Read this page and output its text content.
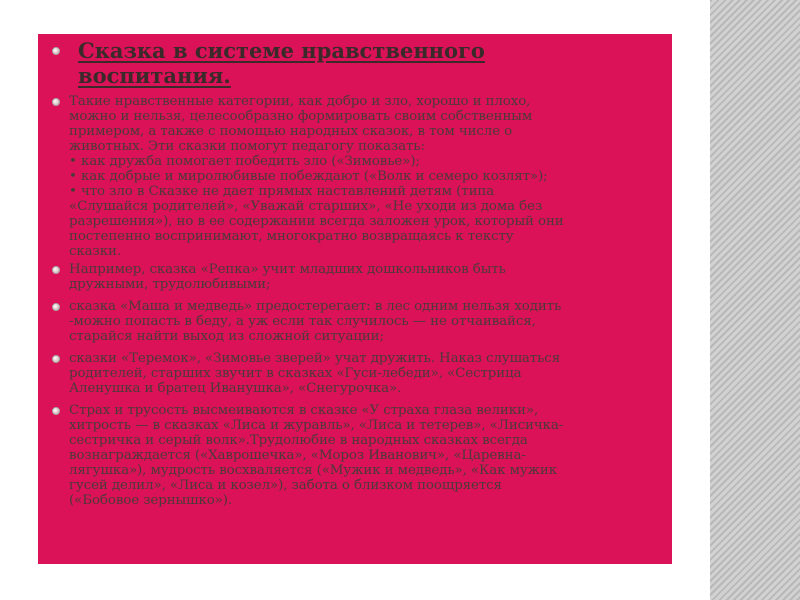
Сказка в системе нравственного
воспитания.
Такие нравственные категории, как добро и зло, хорошо и плохо,
можно и нельзя, целесообразно формировать своим собственным
примером, а также с помощью народных сказок, в том числе о
животных. Эти сказки помогут педагогу показать:
• как дружба помогает победить зло («Зимовье»);
• как добрые и миролюбивые побеждают («Волк и семеро козлят»);
• что зло в Сказке не дает прямых наставлений детям (типа
«Слушайся родителей», «Уважай старших», «Не уходи из дома без
разрешения»), но в ее содержании всегда заложен урок, который они
постепенно воспринимают, многократно возвращаясь к тексту
сказки.
Например, сказка «Репка» учит младших дошкольников быть
дружными, трудолюбивыми;
сказка «Маша и медведь» предостерегает: в лес одним нельзя ходить
-можно попасть в беду, а уж если так случилось — не отчаивайся,
старайся найти выход из сложной ситуации;
сказки «Теремок», «Зимовье зверей» учат дружить. Наказ слушаться
родителей, старших звучит в сказках «Гуси-лебеди», «Сестрица
Аленушка и братец Иванушка», «Снегурочка».
Страх и трусость высмеиваются в сказке «У страха глаза велики»,
хитрость — в сказках «Лиса и журавль», «Лиса и тетерев», «Лисичка-
сестричка и серый волк».Трудолюбие в народных сказках всегда
вознаграждается («Хаврошечка», «Мороз Иванович», «Царевна-
лягушка»), мудрость восхваляется («Мужик и медведь», «Как мужик
гусей делил», «Лиса и козел»), забота о близком поощряется
(«Бобовое зернышко»).
